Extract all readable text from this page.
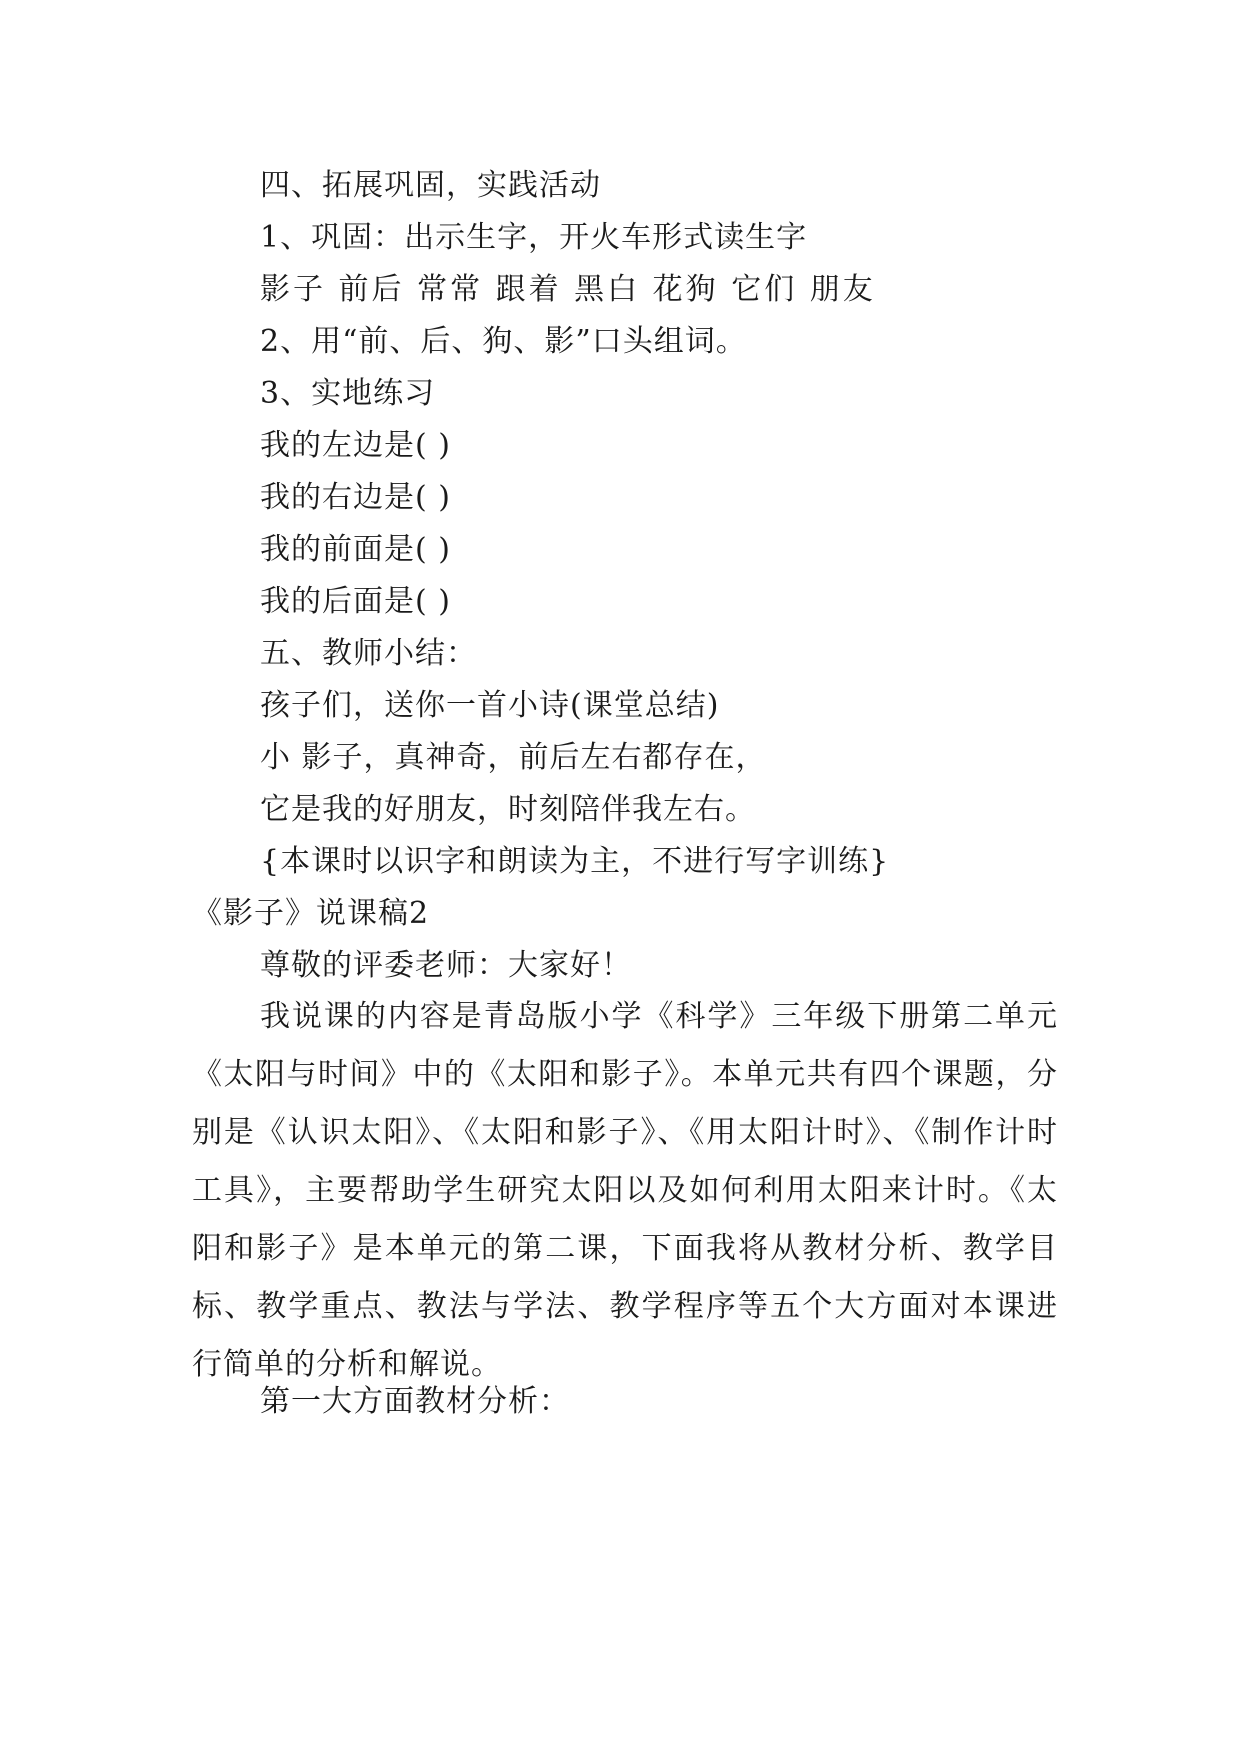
四、拓展巩固，实践活动
1、巩固：出示生字，开火车形式读生字
影子 前后 常常 跟着 黑白 花狗 它们 朋友
2、用“前、后、狗、影”口头组词。
3、实地练习
我的左边是( )
我的右边是( )
我的前面是( )
我的后面是( )
五、教师小结：
孩子们，送你一首小诗(课堂总结)
小 影子，真神奇，前后左右都存在，
它是我的好朋友，时刻陪伴我左右。
{本课时以识字和朗读为主，不进行写字训练}
《影子》说课稿2
尊敬的评委老师：大家好！
我说课的内容是青岛版小学《科学》三年级下册第二单元《太阳与时间》中的《太阳和影子》。本单元共有四个课题，分别是《认识太阳》、《太阳和影子》、《用太阳计时》、《制作计时工具》，主要帮助学生研究太阳以及如何利用太阳来计时。《太阳和影子》是本单元的第二课，下面我将从教材分析、教学目标、教学重点、教法与学法、教学程序等五个大方面对本课进行简单的分析和解说。
第一大方面教材分析：
